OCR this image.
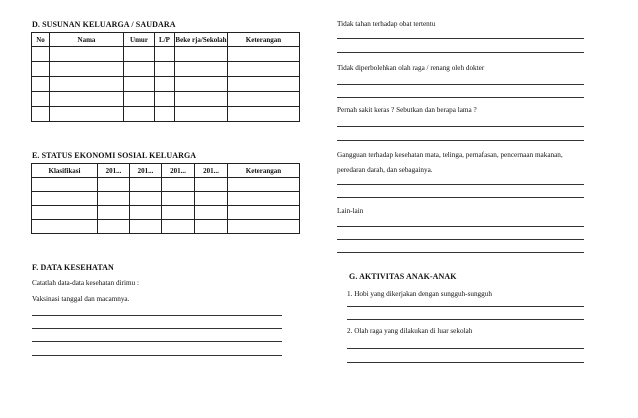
D. SUSUNAN KELUARGA / SAUDARA
No	Nama	Umur	L/P	Beke rja/Sekolah	Keterangan

E. STATUS EKONOMI SOSIAL KELUARGA
Klasifikasi	201...	201...	201...	201...	Keterangan

F. DATA KESEHATAN
Catatlah data-data kesehatan dirimu :
Vaksinasi tanggal dan macamnya.
Tidak tahan terhadap obat tertentu
Tidak diperbolehkan olah raga / renang oleh dokter
Pernah sakit keras ? Sebutkan dan berapa lama ?
Gangguan terhadap kesehatan mata, telinga, pernafasan, pencernaan makanan,
peredaran darah, dan sebagainya.
Lain-lain
G. AKTIVITAS ANAK-ANAK
1. Hobi yang dikerjakan dengan sungguh-sungguh
2. Olah raga yang dilakukan di luar sekolah
